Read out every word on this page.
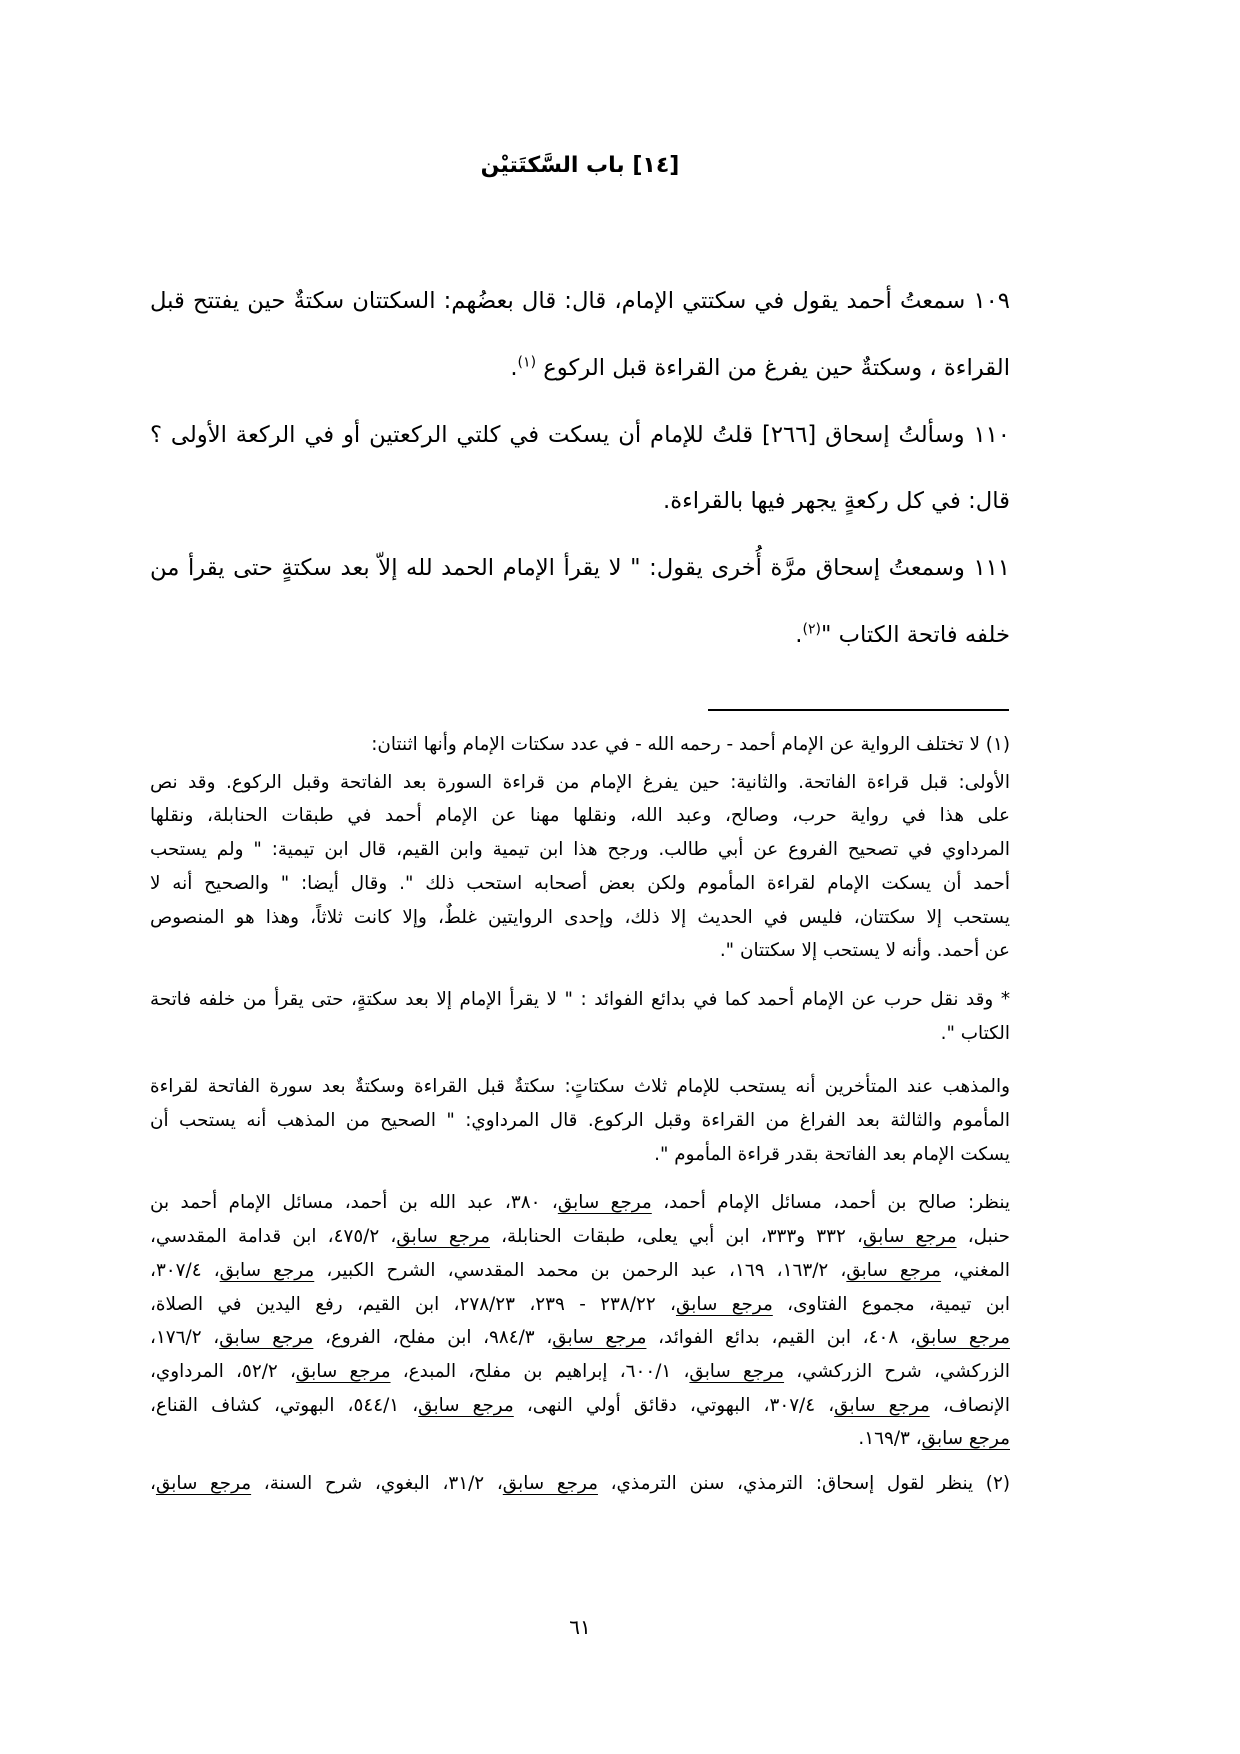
[١٤] باب السَّكتَتيْن
١٠٩ سمعتُ أحمد يقول في سكتتي الإمام، قال: قال بعضُهم: السكتتان سكتةٌ حين يفتتح قبل
القراءة ، وسكتةٌ حين يفرغ من القراءة قبل الركوع $^{(١)}$.
١١٠ وسألتُ إسحاق [٢٦٦] قلتُ للإمام أن يسكت في كلتي الركعتين أو في الركعة الأولى ؟
قال: في كل ركعةٍ يجهر فيها بالقراءة.
١١١ وسمعتُ إسحاق مرَّة أُخرى يقول: " لا يقرأ الإمام الحمد لله إلاّ بعد سكتةٍ حتى يقرأ من
خلفه فاتحة الكتاب "$^{(٢)}$.
(١) لا تختلف الرواية عن الإمام أحمد - رحمه الله - في عدد سكتات الإمام وأنها اثنتان:
الأولى: قبل قراءة الفاتحة. والثانية: حين يفرغ الإمام من قراءة السورة بعد الفاتحة وقبل الركوع. وقد نص
على هذا في رواية حرب، وصالح، وعبد الله، ونقلها مهنا عن الإمام أحمد في طبقات الحنابلة، ونقلها
المرداوي في تصحيح الفروع عن أبي طالب. ورجح هذا ابن تيمية وابن القيم، قال ابن تيمية: " ولم يستحب
أحمد أن يسكت الإمام لقراءة المأموم ولكن بعض أصحابه استحب ذلك ". وقال أيضا: " والصحيح أنه لا
يستحب إلا سكتتان، فليس في الحديث إلا ذلك، وإحدى الروايتين غلطٌ، وإلا كانت ثلاثاً، وهذا هو المنصوص
عن أحمد. وأنه لا يستحب إلا سكتتان ".
* وقد نقل حرب عن الإمام أحمد كما في بدائع الفوائد : " لا يقرأ الإمام إلا بعد سكتةٍ، حتى يقرأ من خلفه فاتحة
الكتاب ".
والمذهب عند المتأخرين أنه يستحب للإمام ثلاث سكتاتٍ: سكتةٌ قبل القراءة وسكتةٌ بعد سورة الفاتحة لقراءة
المأموم والثالثة بعد الفراغ من القراءة وقبل الركوع. قال المرداوي: " الصحيح من المذهب أنه يستحب أن
يسكت الإمام بعد الفاتحة بقدر قراءة المأموم ".
ينظر: صالح بن أحمد، مسائل الإمام أحمد، مرجع سابق، ٣٨٠، عبد الله بن أحمد، مسائل الإمام أحمد بن
حنبل، مرجع سابق، ٣٣٢ و٣٣٣، ابن أبي يعلى، طبقات الحنابلة، مرجع سابق، ٤٧٥/٢، ابن قدامة المقدسي،
المغني، مرجع سابق، ١٦٣/٢، ١٦٩، عبد الرحمن بن محمد المقدسي، الشرح الكبير، مرجع سابق، ٣٠٧/٤،
ابن تيمية، مجموع الفتاوى، مرجع سابق، ٢٣٨/٢٢ - ٢٣٩، ٢٧٨/٢٣، ابن القيم، رفع اليدين في الصلاة،
مرجع سابق، ٤٠٨، ابن القيم، بدائع الفوائد، مرجع سابق، ٩٨٤/٣، ابن مفلح، الفروع، مرجع سابق، ١٧٦/٢،
الزركشي، شرح الزركشي، مرجع سابق، ٦٠٠/١، إبراهيم بن مفلح، المبدع، مرجع سابق، ٥٢/٢، المرداوي،
الإنصاف، مرجع سابق، ٣٠٧/٤، البهوتي، دقائق أولي النهى، مرجع سابق، ٥٤٤/١، البهوتي، كشاف القناع،
مرجع سابق، ١٦٩/٣.
(٢) ينظر لقول إسحاق: الترمذي، سنن الترمذي، مرجع سابق، ٣١/٢، البغوي، شرح السنة، مرجع سابق،
٦١
